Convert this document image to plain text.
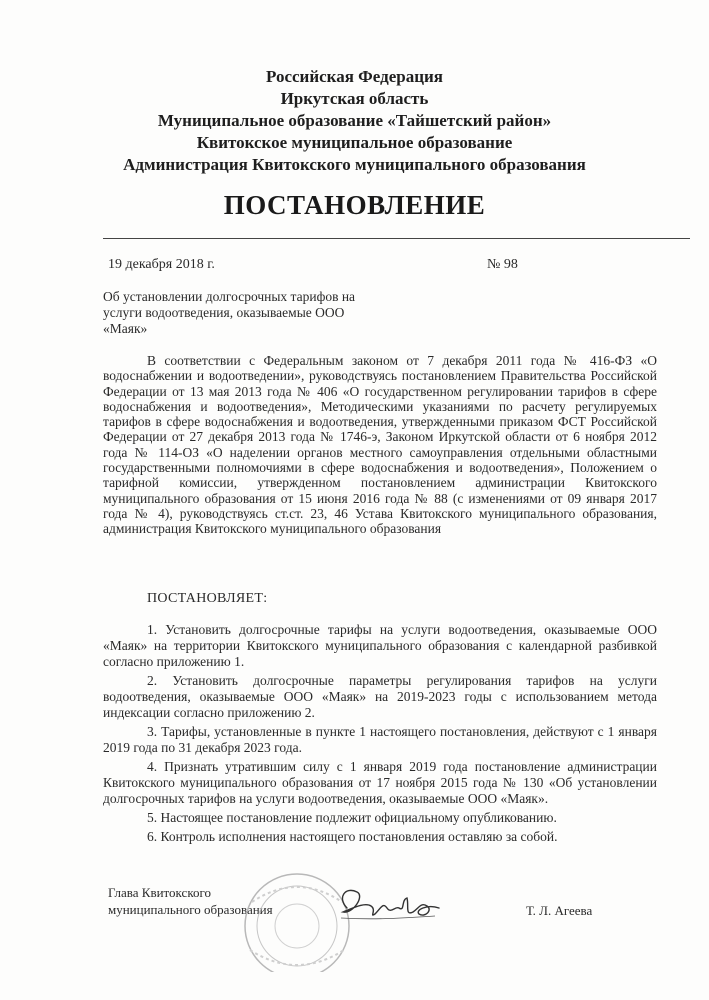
Российская Федерация
Иркутская область
Муниципальное образование «Тайшетский район»
Квитокское муниципальное образование
Администрация Квитокского муниципального образования
ПОСТАНОВЛЕНИЕ
19 декабря 2018 г.	№ 98
Об установлении долгосрочных тарифов на услуги водоотведения, оказываемые ООО «Маяк»
В соответствии с Федеральным законом от 7 декабря 2011 года № 416-ФЗ «О водоснабжении и водоотведении», руководствуясь постановлением Правительства Российской Федерации от 13 мая 2013 года № 406 «О государственном регулировании тарифов в сфере водоснабжения и водоотведения», Методическими указаниями по расчету регулируемых тарифов в сфере водоснабжения и водоотведения, утвержденными приказом ФСТ Российской Федерации от 27 декабря 2013 года № 1746-э, Законом Иркутской области от 6 ноября 2012 года № 114-ОЗ «О наделении органов местного самоуправления отдельными областными государственными полномочиями в сфере водоснабжения и водоотведения», Положением о тарифной комиссии, утвержденном постановлением администрации Квитокского муниципального образования от 15 июня 2016 года № 88 (с изменениями от 09 января 2017 года № 4), руководствуясь ст.ст. 23, 46 Устава Квитокского муниципального образования, администрация Квитокского муниципального образования
ПОСТАНОВЛЯЕТ:

1. Установить долгосрочные тарифы на услуги водоотведения, оказываемые ООО «Маяк» на территории Квитокского муниципального образования с календарной разбивкой согласно приложению 1.

2. Установить долгосрочные параметры регулирования тарифов на услуги водоотведения, оказываемые ООО «Маяк» на 2019-2023 годы с использованием метода индексации согласно приложению 2.

3. Тарифы, установленные в пункте 1 настоящего постановления, действуют с 1 января 2019 года по 31 декабря 2023 года.

4. Признать утратившим силу с 1 января 2019 года постановление администрации Квитокского муниципального образования от 17 ноября 2015 года № 130 «Об установлении долгосрочных тарифов на услуги водоотведения, оказываемые ООО «Маяк».

5. Настоящее постановление подлежит официальному опубликованию.

6. Контроль исполнения настоящего постановления оставляю за собой.

Глава Квитокского
муниципального образования	Т. Л. Агеева
